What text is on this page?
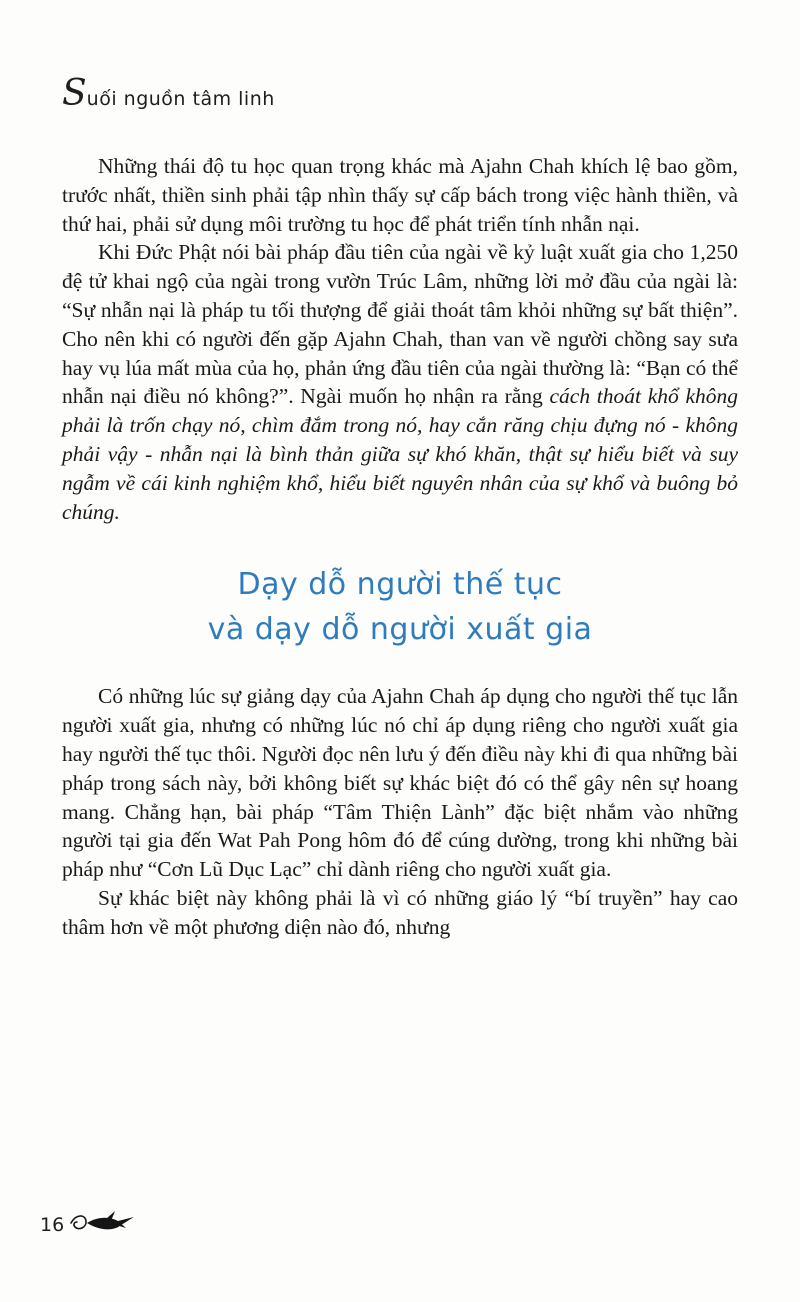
Suối nguồn tâm linh

Những thái độ tu học quan trọng khác mà Ajahn Chah khích lệ bao gồm, trước nhất, thiền sinh phải tập nhìn thấy sự cấp bách trong việc hành thiền, và thứ hai, phải sử dụng môi trường tu học để phát triển tính nhẫn nại.

Khi Đức Phật nói bài pháp đầu tiên của ngài về kỷ luật xuất gia cho 1,250 đệ tử khai ngộ của ngài trong vườn Trúc Lâm, những lời mở đầu của ngài là: “Sự nhẫn nại là pháp tu tối thượng để giải thoát tâm khỏi những sự bất thiện”. Cho nên khi có người đến gặp Ajahn Chah, than van về người chồng say sưa hay vụ lúa mất mùa của họ, phản ứng đầu tiên của ngài thường là: “Bạn có thể nhẫn nại điều nó không?”. Ngài muốn họ nhận ra rằng cách thoát khổ không phải là trốn chạy nó, chìm đắm trong nó, hay cắn răng chịu đựng nó - không phải vậy - nhẫn nại là bình thản giữa sự khó khăn, thật sự hiểu biết và suy ngẫm về cái kinh nghiệm khổ, hiểu biết nguyên nhân của sự khổ và buông bỏ chúng.

Dạy dỗ người thế tục
và dạy dỗ người xuất gia

Có những lúc sự giảng dạy của Ajahn Chah áp dụng cho người thế tục lẫn người xuất gia, nhưng có những lúc nó chỉ áp dụng riêng cho người xuất gia hay người thế tục thôi. Người đọc nên lưu ý đến điều này khi đi qua những bài pháp trong sách này, bởi không biết sự khác biệt đó có thể gây nên sự hoang mang. Chẳng hạn, bài pháp “Tâm Thiện Lành” đặc biệt nhắm vào những người tại gia đến Wat Pah Pong hôm đó để cúng dường, trong khi những bài pháp như “Cơn Lũ Dục Lạc” chỉ dành riêng cho người xuất gia.

Sự khác biệt này không phải là vì có những giáo lý “bí truyền” hay cao thâm hơn về một phương diện nào đó, nhưng

16
